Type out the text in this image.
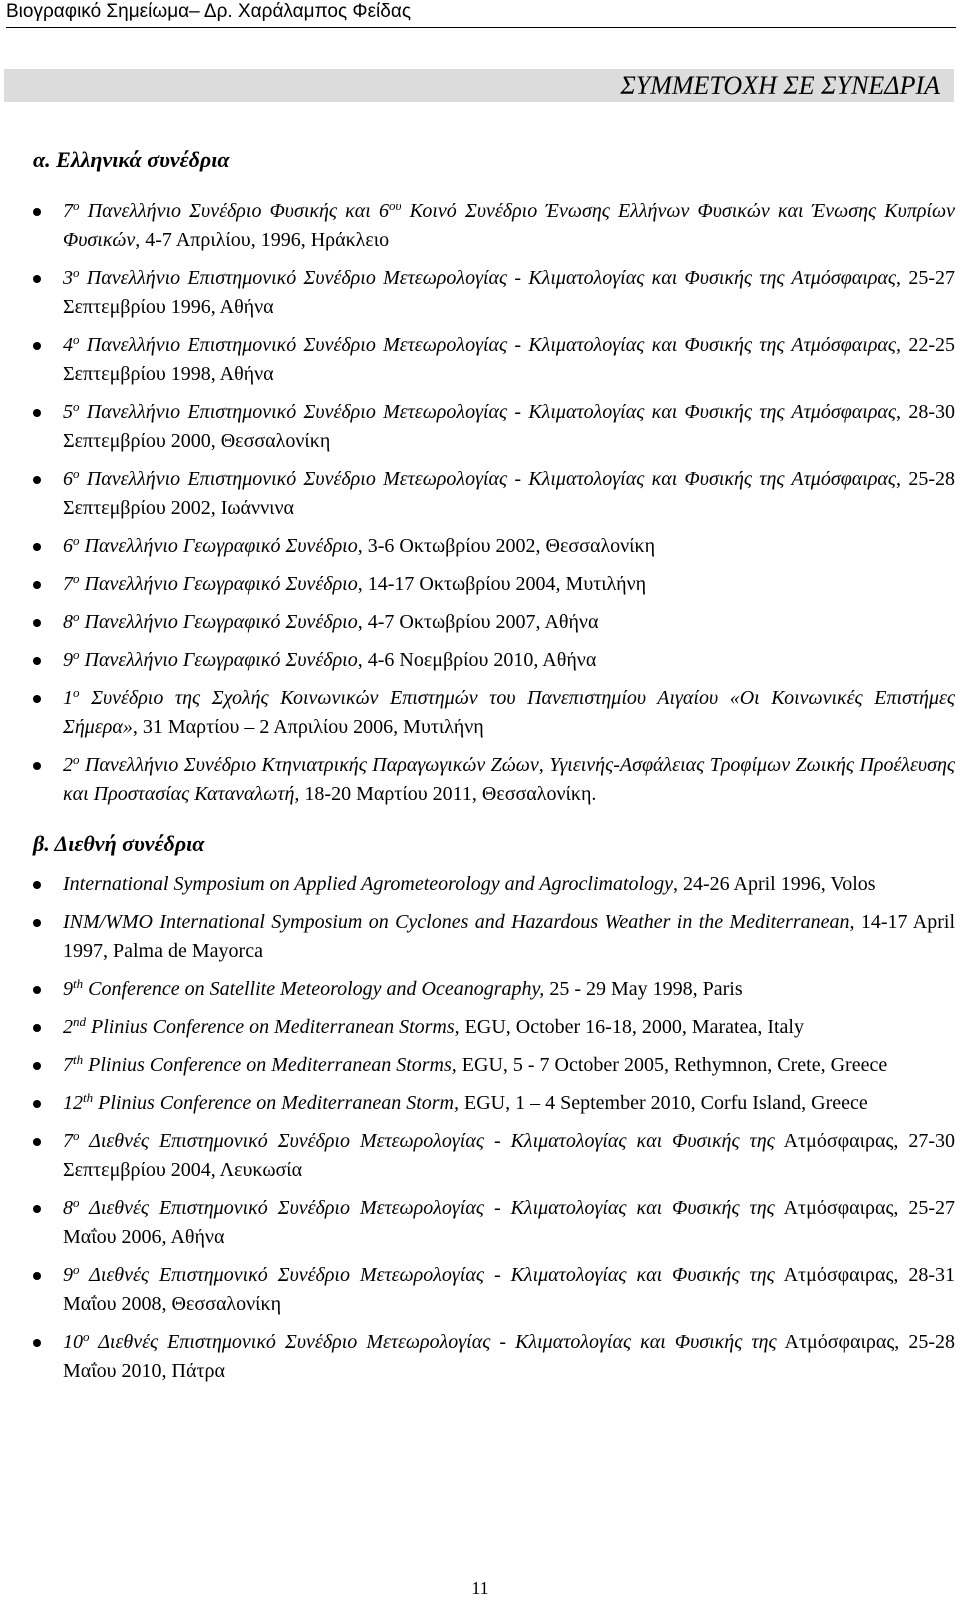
Βιογραφικό Σημείωμα– Δρ. Χαράλαμπος Φείδας
ΣΥΜΜΕΤΟΧΗ ΣΕ ΣΥΝΕΔΡΙΑ
α. Ελληνικά συνέδρια
$7^o$ Πανελλήνιο Συνέδριο Φυσικής και $6^{o\upsilon}$ Κοινό Συνέδριο Ένωσης Ελλήνων Φυσικών και Ένωσης Κυπρίων Φυσικών, 4-7 Απριλίου, 1996, Ηράκλειο
$3^o$ Πανελλήνιο Επιστημονικό Συνέδριο Μετεωρολογίας - Κλιματολογίας και Φυσικής της Ατμόσφαιρας, 25-27 Σεπτεμβρίου 1996, Αθήνα
$4^o$ Πανελλήνιο Επιστημονικό Συνέδριο Μετεωρολογίας - Κλιματολογίας και Φυσικής της Ατμόσφαιρας, 22-25 Σεπτεμβρίου 1998, Αθήνα
$5^o$ Πανελλήνιο Επιστημονικό Συνέδριο Μετεωρολογίας - Κλιματολογίας και Φυσικής της Ατμόσφαιρας, 28-30 Σεπτεμβρίου 2000, Θεσσαλονίκη
$6^o$ Πανελλήνιο Επιστημονικό Συνέδριο Μετεωρολογίας - Κλιματολογίας και Φυσικής της Ατμόσφαιρας, 25-28 Σεπτεμβρίου 2002, Ιωάννινα
$6^o$ Πανελλήνιο Γεωγραφικό Συνέδριο, 3-6 Οκτωβρίου 2002, Θεσσαλονίκη
$7^o$ Πανελλήνιο Γεωγραφικό Συνέδριο, 14-17 Οκτωβρίου 2004, Μυτιλήνη
$8^o$ Πανελλήνιο Γεωγραφικό Συνέδριο, 4-7 Οκτωβρίου 2007, Αθήνα
$9^o$ Πανελλήνιο Γεωγραφικό Συνέδριο, 4-6 Νοεμβρίου 2010, Αθήνα
$1^o$ Συνέδριο της Σχολής Κοινωνικών Επιστημών του Πανεπιστημίου Αιγαίου «Οι Κοινωνικές Επιστήμες Σήμερα», 31 Μαρτίου – 2 Απριλίου 2006, Μυτιλήνη
$2^o$ Πανελλήνιο Συνέδριο Κτηνιατρικής Παραγωγικών Ζώων, Υγιεινής-Ασφάλειας Τροφίμων Ζωικής Προέλευσης και Προστασίας Καταναλωτή, 18-20 Μαρτίου 2011, Θεσσαλονίκη.
β. Διεθνή συνέδρια
International Symposium on Applied Agrometeorology and Agroclimatology, 24-26 April 1996, Volos
INM/WMO International Symposium on Cyclones and Hazardous Weather in the Mediterranean, 14-17 April 1997, Palma de Mayorca
9th Conference on Satellite Meteorology and Oceanography, 25 - 29 May 1998, Paris
2nd Plinius Conference on Mediterranean Storms, EGU, October 16-18, 2000, Maratea, Italy
7th Plinius Conference on Mediterranean Storms, EGU, 5 - 7 October 2005, Rethymnon, Crete, Greece
12th Plinius Conference on Mediterranean Storm, EGU, 1 – 4 September 2010, Corfu Island, Greece
$7^o$ Διεθνές Επιστημονικό Συνέδριο Μετεωρολογίας - Κλιματολογίας και Φυσικής της Ατμόσφαιρας, 27-30 Σεπτεμβρίου 2004, Λευκωσία
$8^o$ Διεθνές Επιστημονικό Συνέδριο Μετεωρολογίας - Κλιματολογίας και Φυσικής της Ατμόσφαιρας, 25-27 Μαΐου 2006, Αθήνα
$9^o$ Διεθνές Επιστημονικό Συνέδριο Μετεωρολογίας - Κλιματολογίας και Φυσικής της Ατμόσφαιρας, 28-31 Μαΐου 2008, Θεσσαλονίκη
$10^o$ Διεθνές Επιστημονικό Συνέδριο Μετεωρολογίας - Κλιματολογίας και Φυσικής της Ατμόσφαιρας, 25-28 Μαΐου 2010, Πάτρα
11
